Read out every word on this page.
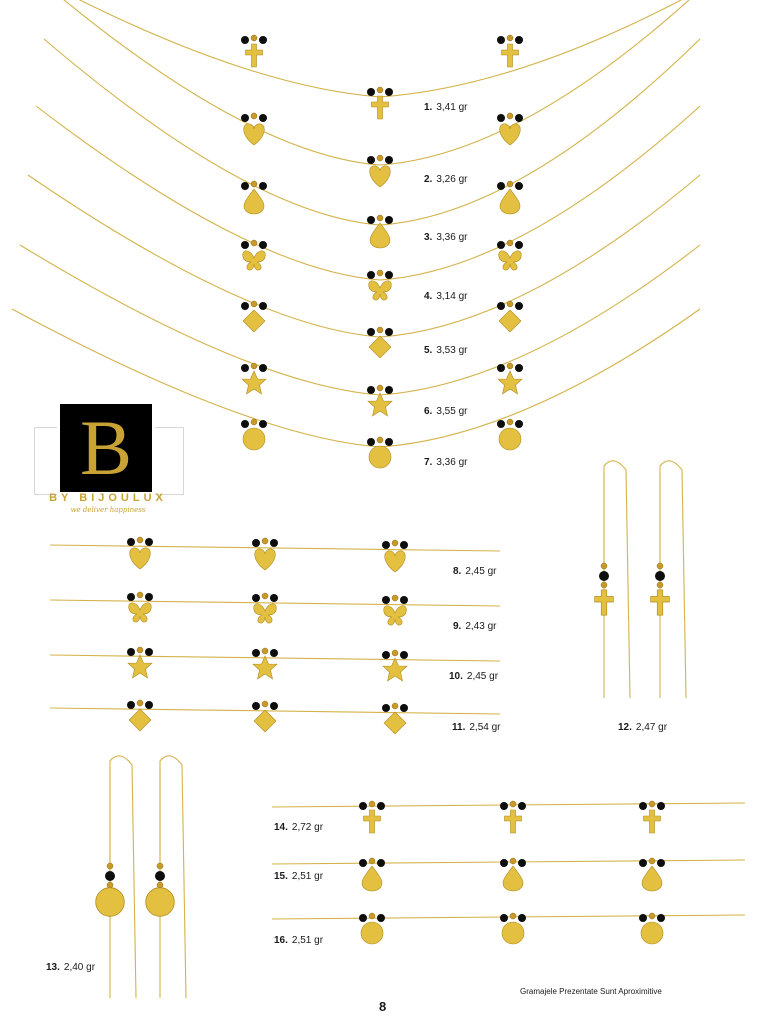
B
BY BIJOULUX
we deliver happiness
1. 3,41 gr
2. 3,26 gr
3. 3,36 gr
4. 3,14 gr
5. 3,53 gr
6. 3,55 gr
7. 3,36 gr
8. 2,45 gr
9. 2,43 gr
10. 2,45 gr
11. 2,54 gr	12. 2,47 gr
13. 2,40 gr
14. 2,72 gr
15. 2,51 gr
16. 2,51 gr
Gramajele Prezentate Sunt Aproximitive
8
